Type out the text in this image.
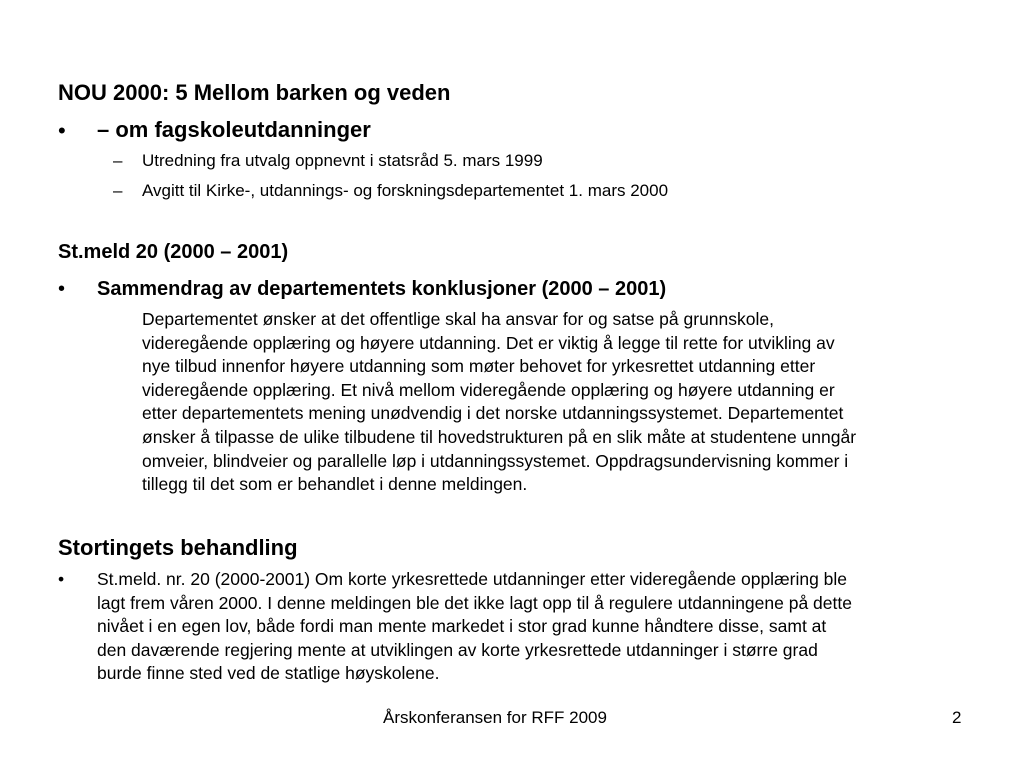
NOU 2000: 5 Mellom barken og veden
• – om fagskoleutdanninger
– Utredning fra utvalg oppnevnt i statsråd 5. mars 1999
– Avgitt til Kirke-, utdannings- og forskningsdepartementet 1. mars 2000
St.meld 20 (2000 – 2001)
• Sammendrag av departementets konklusjoner (2000 – 2001)
Departementet ønsker at det offentlige skal ha ansvar for og satse på grunnskole,
videregående opplæring og høyere utdanning. Det er viktig å legge til rette for utvikling av
nye tilbud innenfor høyere utdanning som møter behovet for yrkesrettet utdanning etter
videregående opplæring. Et nivå mellom videregående opplæring og høyere utdanning er
etter departementets mening unødvendig i det norske utdanningssystemet. Departementet
ønsker å tilpasse de ulike tilbudene til hovedstrukturen på en slik måte at studentene unngår
omveier, blindveier og parallelle løp i utdanningssystemet. Oppdragsundervisning kommer i
tillegg til det som er behandlet i denne meldingen.
Stortingets behandling
• St.meld. nr. 20 (2000-2001) Om korte yrkesrettede utdanninger etter videregående opplæring ble
lagt frem våren 2000. I denne meldingen ble det ikke lagt opp til å regulere utdanningene på dette
nivået i en egen lov, både fordi man mente markedet i stor grad kunne håndtere disse, samt at
den daværende regjering mente at utviklingen av korte yrkesrettede utdanninger i større grad
burde finne sted ved de statlige høyskolene.
Årskonferansen for RFF 2009	2
